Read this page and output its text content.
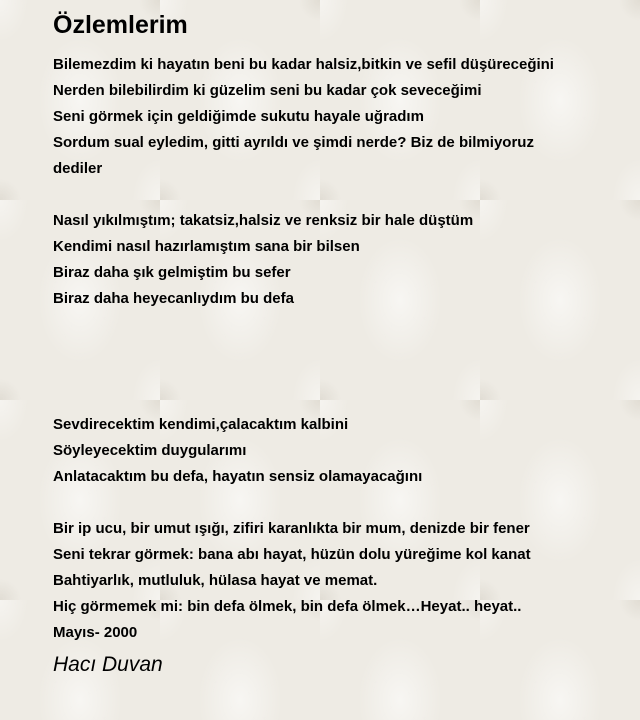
Özlemlerim
Bilemezdim ki hayatın beni bu kadar halsiz,bitkin ve sefil düşüreceğini
Nerden bilebilirdim ki güzelim seni bu kadar çok seveceğimi
Seni görmek için geldiğimde sukutu hayale uğradım
Sordum sual eyledim, gitti ayrıldı ve şimdi nerde? Biz de bilmiyoruz dediler
Nasıl yıkılmıştım; takatsiz,halsiz ve renksiz bir hale düştüm
Kendimi nasıl hazırlamıştım sana bir bilsen
Biraz daha şık gelmiştim bu sefer
Biraz daha heyecanlıydım bu defa
Sevdirecektim kendimi,çalacaktım kalbini
Söyleyecektim duygularımı
Anlatacaktım bu defa, hayatın sensiz olamayacağını
Bir ip ucu, bir umut ışığı, zifiri karanlıkta bir mum, denizde bir fener
Seni tekrar görmek: bana abı hayat, hüzün dolu yüreğime kol kanat
Bahtiyarlık, mutluluk, hülasa hayat ve memat.
Hiç görmemek mi: bin defa ölmek, bin defa ölmek…Heyat.. heyat..
Mayıs- 2000
Hacı Duvan
